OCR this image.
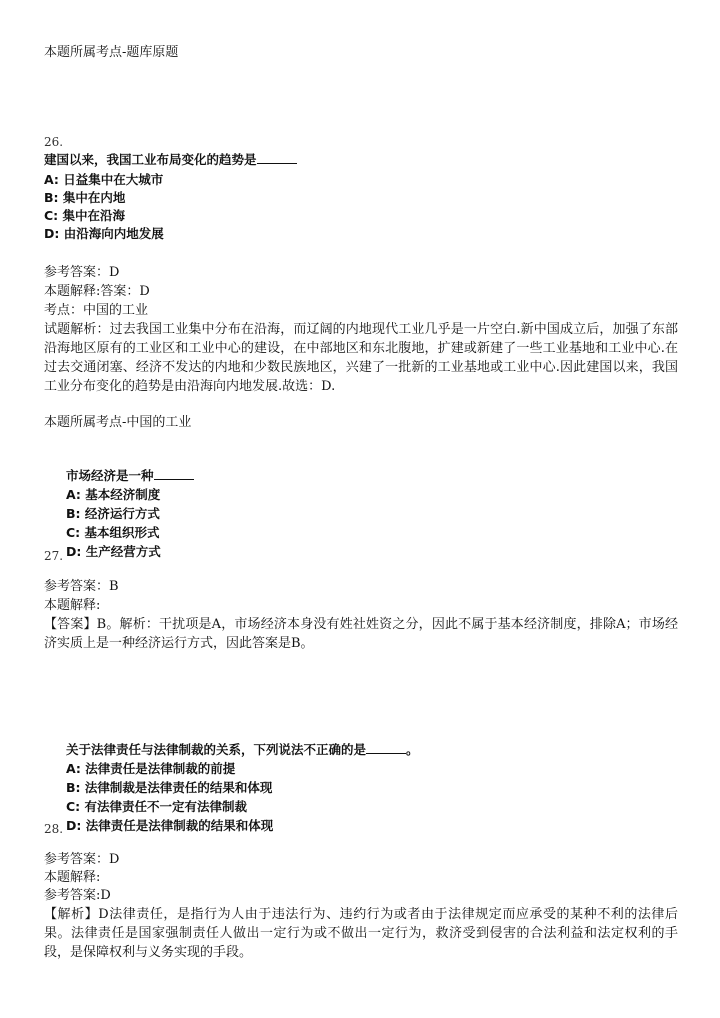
本题所属考点-题库原题
26.
建国以来，我国工业布局变化的趋势是
A: 日益集中在大城市
B: 集中在内地
C: 集中在沿海
D: 由沿海向内地发展
参考答案：D
本题解释:答案：D
考点：中国的工业
试题解析：过去我国工业集中分布在沿海，而辽阔的内地现代工业几乎是一片空白.新中国成立后，加强了东部沿海地区原有的工业区和工业中心的建设，在中部地区和东北腹地，扩建或新建了一些工业基地和工业中心.在过去交通闭塞、经济不发达的内地和少数民族地区，兴建了一批新的工业基地或工业中心.因此建国以来，我国工业分布变化的趋势是由沿海向内地发展.故选：D.
本题所属考点-中国的工业
市场经济是一种
A: 基本经济制度
B: 经济运行方式
C: 基本组织形式
D: 生产经营方式
27.
参考答案：B
本题解释:
【答案】B。解析：干扰项是A，市场经济本身没有姓社姓资之分，因此不属于基本经济制度，排除A；市场经济实质上是一种经济运行方式，因此答案是B。
关于法律责任与法律制裁的关系，下列说法不正确的是	。
A: 法律责任是法律制裁的前提
B: 法律制裁是法律责任的结果和体现
C: 有法律责任不一定有法律制裁
D: 法律责任是法律制裁的结果和体现
28.
参考答案：D
本题解释:
参考答案:D
【解析】D法律责任，是指行为人由于违法行为、违约行为或者由于法律规定而应承受的某种不利的法律后果。法律责任是国家强制责任人做出一定行为或不做出一定行为，救济受到侵害的合法利益和法定权利的手段，是保障权利与义务实现的手段。
